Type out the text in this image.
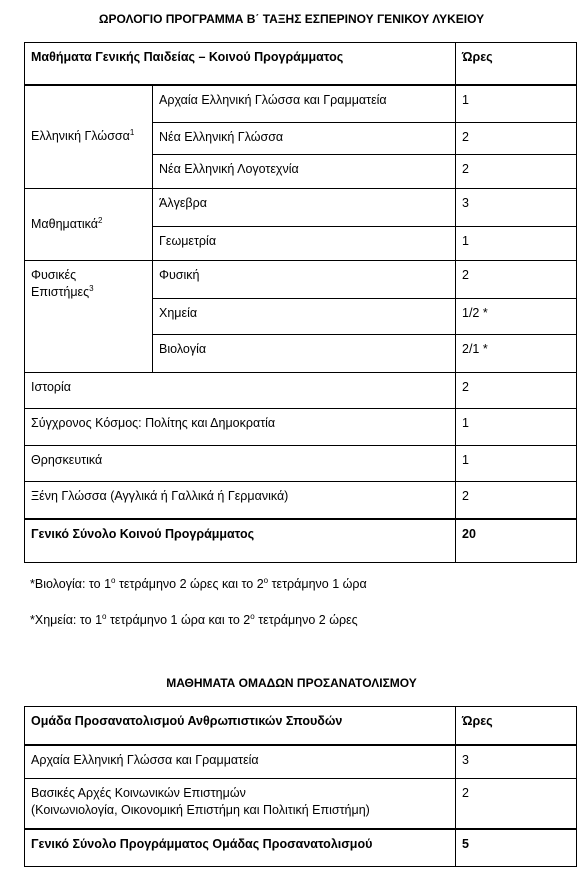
ΩΡΟΛΟΓΙΟ ΠΡΟΓΡΑΜΜΑ Β΄ ΤΑΞΗΣ ΕΣΠΕΡΙΝΟΥ ΓΕΝΙΚΟΥ ΛΥΚΕΙΟΥ
Μαθήματα Γενικής Παιδείας – Κοινού Προγράμματος		Ώρες
Ελληνική Γλώσσα$^1$	Αρχαία Ελληνική Γλώσσα και Γραμματεία	1
	Νέα Ελληνική Γλώσσα	2
	Νέα Ελληνική Λογοτεχνία	2
Μαθηματικά$^2$	Άλγεβρα	3
	Γεωμετρία	1
Φυσικές
Επιστήμες$^3$	Φυσική	2
	Χημεία	1/2 *
	Βιολογία	2/1 *
Ιστορία		2
Σύγχρονος Κόσμος: Πολίτης και Δημοκρατία		1
Θρησκευτικά		1
Ξένη Γλώσσα (Αγγλικά ή Γαλλικά ή Γερμανικά)		2
Γενικό Σύνολο Κοινού Προγράμματος		20
*Βιολογία: το $1^o$ τετράμηνο 2 ώρες και το $2^o$ τετράμηνο 1 ώρα
*Χημεία: το $1^o$ τετράμηνο 1 ώρα και το $2^o$ τετράμηνο 2 ώρες
ΜΑΘΗΜΑΤΑ ΟΜΑΔΩΝ ΠΡΟΣΑΝΑΤΟΛΙΣΜΟΥ
Ομάδα Προσανατολισμού Ανθρωπιστικών Σπουδών	Ώρες
Αρχαία Ελληνική Γλώσσα και Γραμματεία	3
Βασικές Αρχές Κοινωνικών Επιστημών
(Κοινωνιολογία, Οικονομική Επιστήμη και Πολιτική Επιστήμη)	2
Γενικό Σύνολο Προγράμματος Ομάδας Προσανατολισμού	5
